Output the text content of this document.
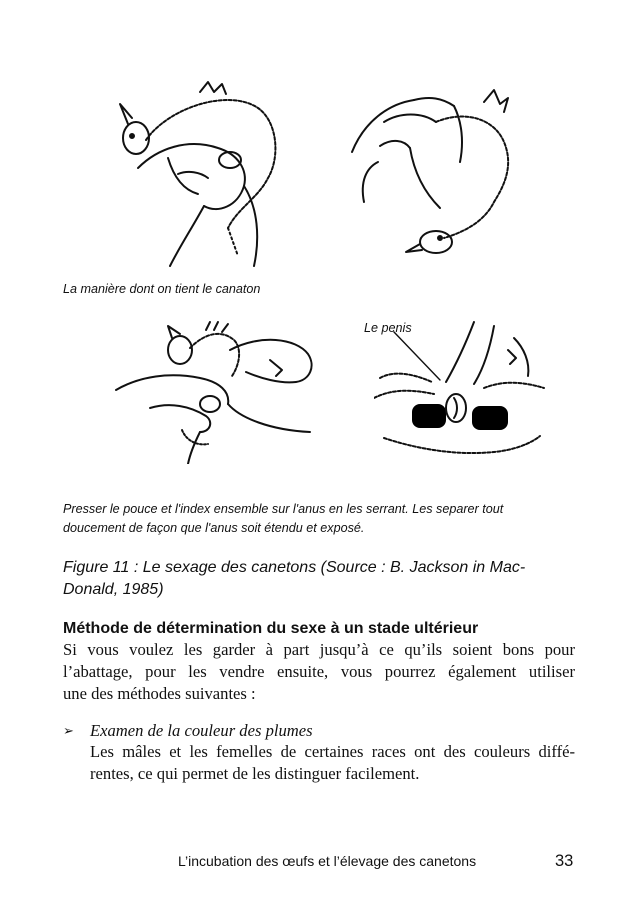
La manière dont on tient le canaton
Le penis
Presser le pouce et l'index ensemble sur l'anus en les serrant. Les separer tout
doucement de façon que l'anus soit étendu et exposé.
Figure 11 : Le sexage des canetons (Source : B. Jackson in Mac-
Donald, 1985)
Méthode de détermination du sexe à un stade ultérieur
Si vous voulez les garder à part jusqu’à ce qu’ils soient bons pour
l’abattage, pour les vendre ensuite, vous pourrez également utiliser
une des méthodes suivantes :
➢ Examen de la couleur des plumes
Les mâles et les femelles de certaines races ont des couleurs diffé-
rentes, ce qui permet de les distinguer facilement.
L’incubation des œufs et l’élevage des canetons	33
